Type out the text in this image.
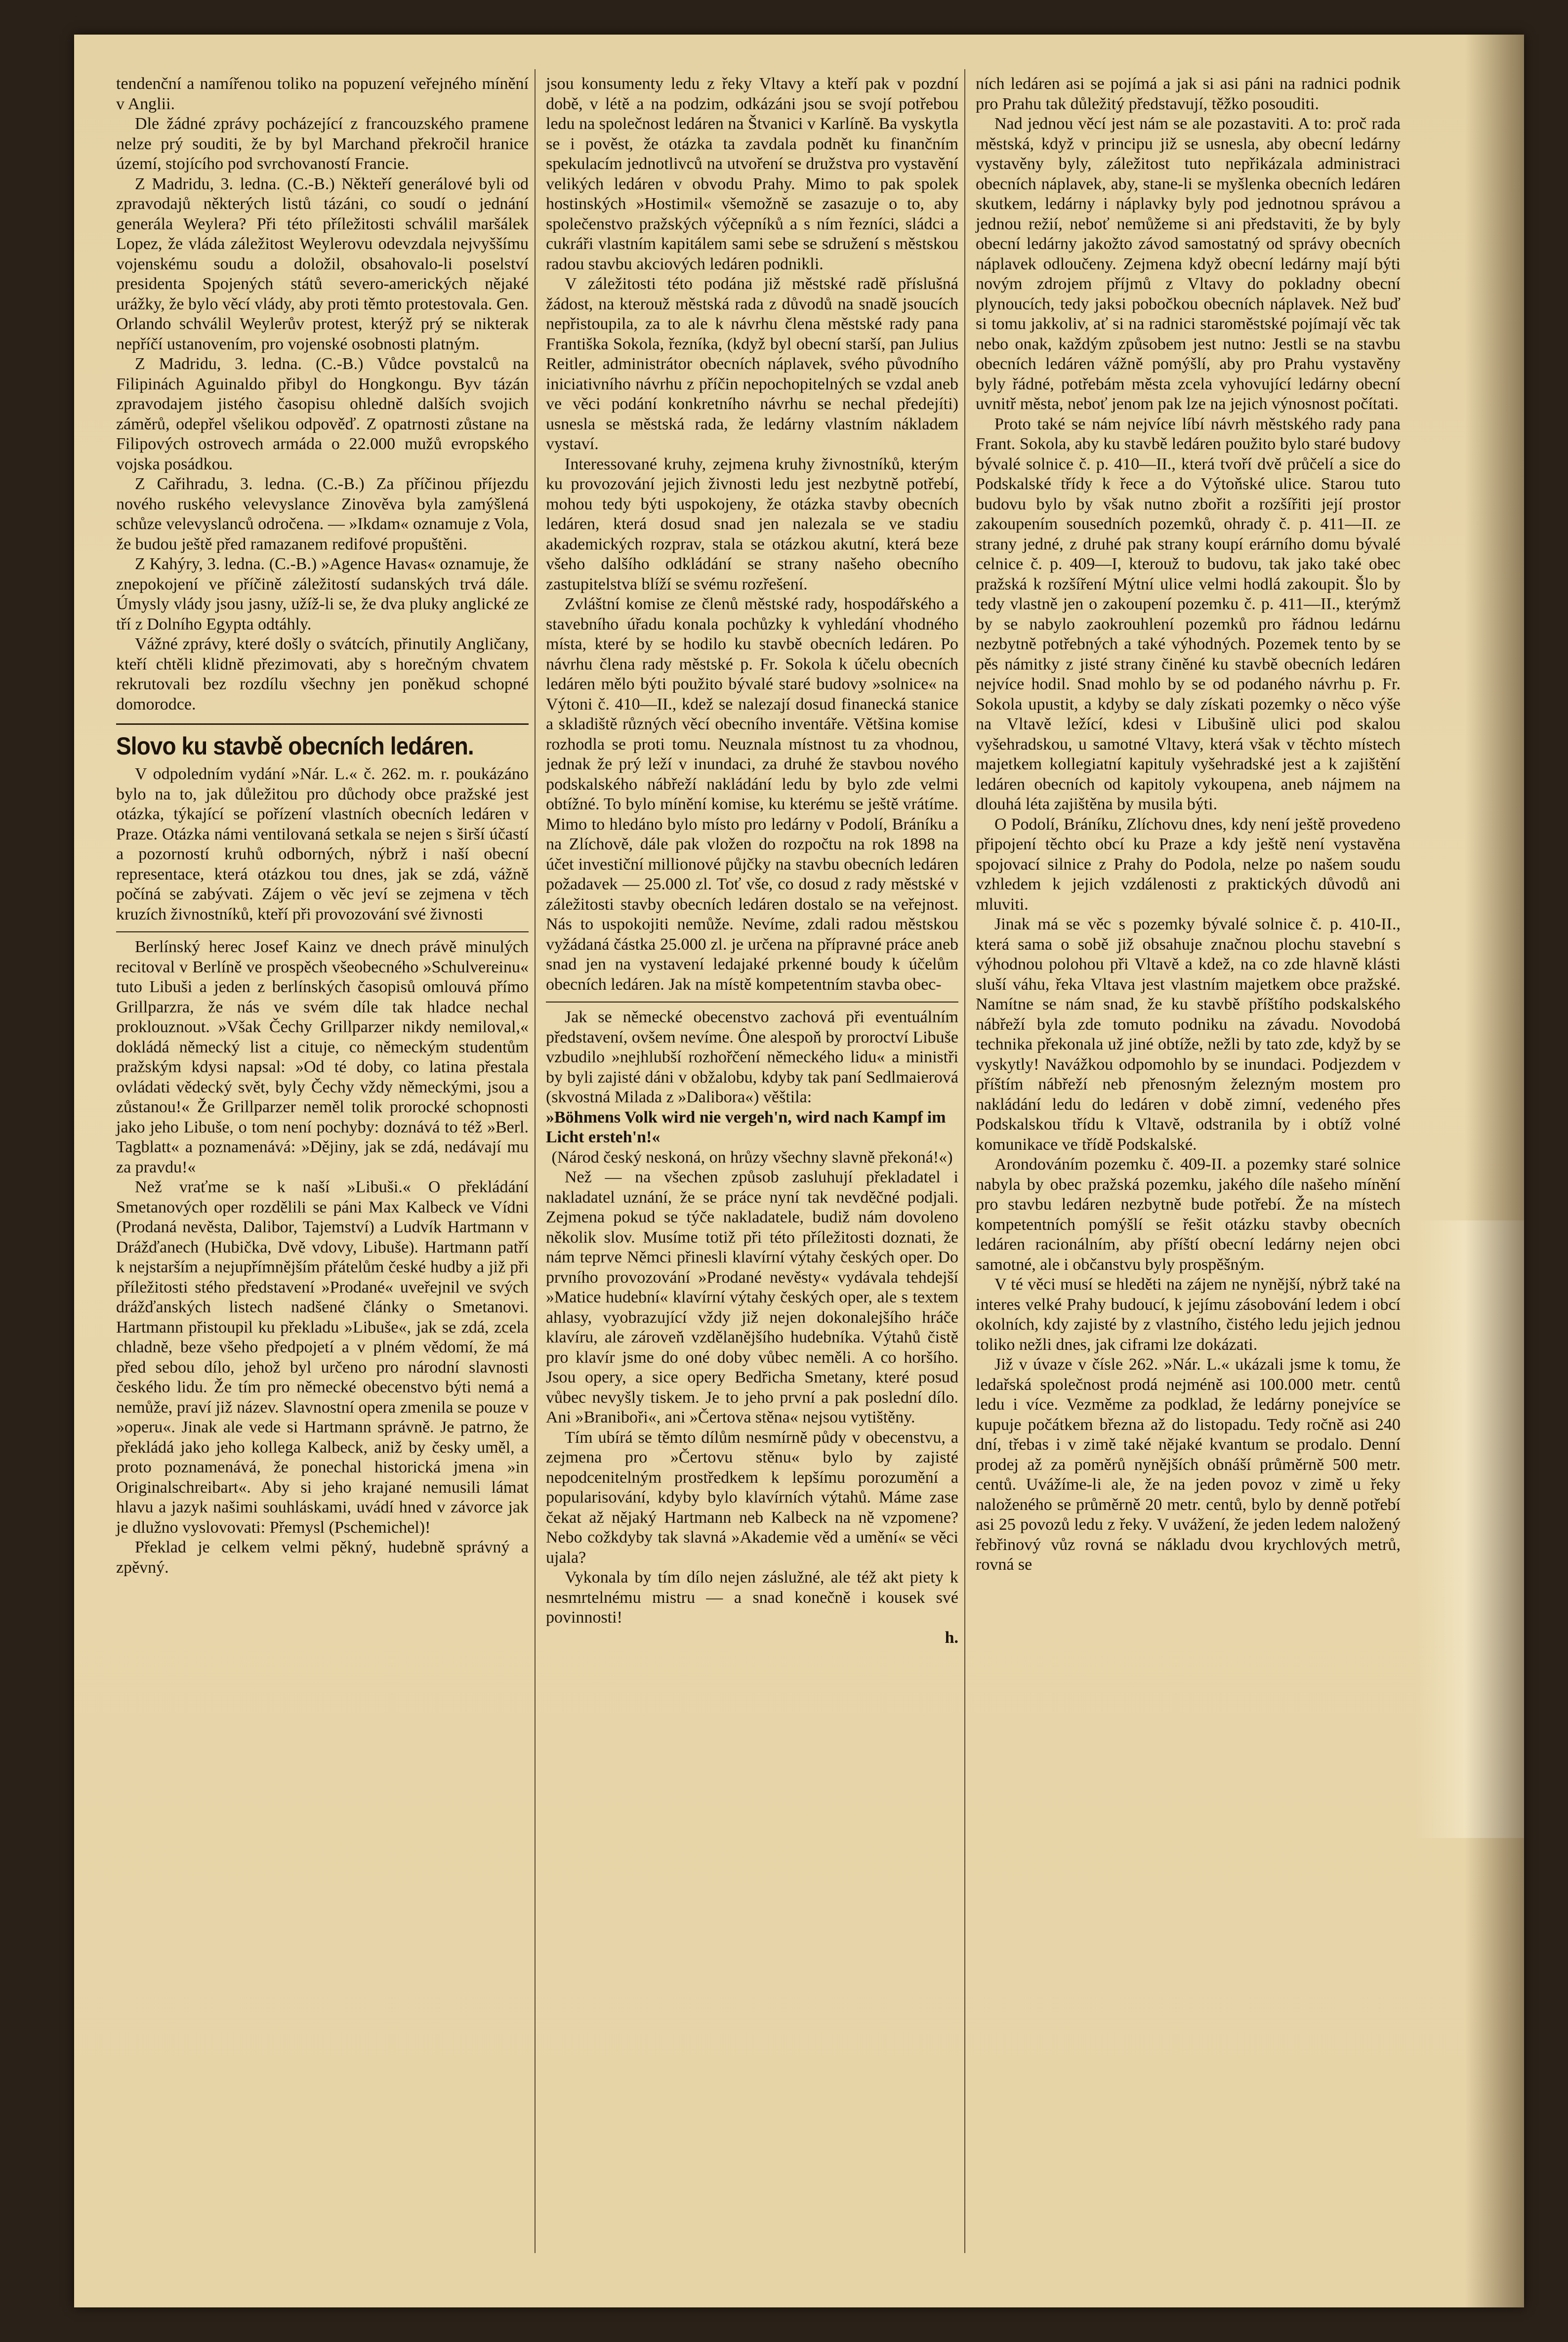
tendenční a namířenou toliko na popuzení veřejného mínění v Anglii.

Dle žádné zprávy pocházející z francouzského pramene nelze prý souditi, že by byl Marchand překročil hranice území, stojícího pod svrchovaností Francie.

Z Madridu, 3. ledna. (C.-B.) Někteří generálové byli od zpravodajů některých listů tázáni, co soudí o jednání generála Weylera? Při této příležitosti schválil maršálek Lopez, že vláda záležitost Weylerovu odevzdala nejvyššímu vojenskému soudu a doložil, obsahovalo-li poselství presidenta Spojených států severo-amerických nějaké urážky, že bylo věcí vlády, aby proti těmto protestovala. Gen. Orlando schválil Weylerův protest, kterýž prý se nikterak nepříčí ustanovením, pro vojenské osobnosti platným.

Z Madridu, 3. ledna. (C.-B.) Vůdce povstalců na Filipinách Aguinaldo přibyl do Hongkongu. Byv tázán zpravodajem jistého časopisu ohledně dalších svojich záměrů, odepřel všelikou odpověď. Z opatrnosti zůstane na Filipových ostrovech armáda o 22.000 mužů evropského vojska posádkou.

Z Cařihradu, 3. ledna. (C.-B.) Za příčinou příjezdu nového ruského velevyslance Zinověva byla zamýšlená schůze velevyslanců odročena. — »Ikdam« oznamuje z Vola, že budou ještě před ramazanem redifové propuštěni.

Z Kahýry, 3. ledna. (C.-B.) »Agence Havas« oznamuje, že znepokojení ve příčině záležitostí sudanských trvá dále. Úmysly vlády jsou jasny, užíž-li se, že dva pluky anglické ze tří z Dolního Egypta odtáhly.

Vážné zprávy, které došly o svátcích, přinutily Angličany, kteří chtěli klidně přezimovati, aby s horečným chvatem rekrutovali bez rozdílu všechny jen poněkud schopné domorodce.

Slovo ku stavbě obecních ledáren.

V odpoledním vydání »Nár. L.« č. 262. m. r. poukázáno bylo na to, jak důležitou pro důchody obce pražské jest otázka, týkající se pořízení vlastních obecních ledáren v Praze. Otázka námi ventilovaná setkala se nejen s širší účastí a pozorností kruhů odborných, nýbrž i naší obecní representace, která otázkou tou dnes, jak se zdá, vážně počíná se zabývati. Zájem o věc jeví se zejmena v těch kruzích živnostníků, kteří při provozování své živnosti

Berlínský herec Josef Kainz ve dnech právě minulých recitoval v Berlíně ve prospěch všeobecného »Schulvereinu« tuto Libuši a jeden z berlínských časopisů omlouvá přímo Grillparzra, že nás ve svém díle tak hladce nechal proklouznout. »Však Čechy Grillparzer nikdy nemiloval,« dokládá německý list a cituje, co německým studentům pražským kdysi napsal: »Od té doby, co latina přestala ovládati vědecký svět, byly Čechy vždy německými, jsou a zůstanou!« Že Grillparzer neměl tolik prorocké schopnosti jako jeho Libuše, o tom není pochyby: doznává to též »Berl. Tagblatt« a poznamenává: »Dějiny, jak se zdá, nedávají mu za pravdu!«

Než vraťme se k naší »Libuši.« O překládání Smetanových oper rozdělili se páni Max Kalbeck ve Vídni (Prodaná nevěsta, Dalibor, Tajemství) a Ludvík Hartmann v Drážďanech (Hubička, Dvě vdovy, Libuše). Hartmann patří k nejstarším a nejupřímnějším přátelům české hudby a již při příležitosti stého představení »Prodané« uveřejnil ve svých drážďanských listech nadšené články o Smetanovi. Hartmann přistoupil ku překladu »Libuše«, jak se zdá, zcela chladně, beze všeho předpojetí a v plném vědomí, že má před sebou dílo, jehož byl určeno pro národní slavnosti českého lidu. Že tím pro německé obecenstvo býti nemá a nemůže, praví již název. Slavnostní opera zmenila se pouze v »operu«. Jinak ale vede si Hartmann správně. Je patrno, že překládá jako jeho kollega Kalbeck, aniž by česky uměl, a proto poznamenává, že ponechal historická jmena »in Originalschreibart«. Aby si jeho krajané nemusili lámat hlavu a jazyk našimi souhláskami, uvádí hned v závorce jak je dlužno vyslovovati: Přemysl (Pschemichel)!

Překlad je celkem velmi pěkný, hudebně správný a zpěvný.

jsou konsumenty ledu z řeky Vltavy a kteří pak v pozdní době, v létě a na podzim, odkázáni jsou se svojí potřebou ledu na společnost ledáren na Štvanici v Karlíně. Ba vyskytla se i pověst, že otázka ta zavdala podnět ku finančním spekulacím jednotlivců na utvoření se družstva pro vystavění velikých ledáren v obvodu Prahy. Mimo to pak spolek hostinských »Hostimil« všemožně se zasazuje o to, aby společenstvo pražských výčepníků a s ním řezníci, sládci a cukráři vlastním kapitálem sami sebe se sdružení s městskou radou stavbu akciových ledáren podnikli.

V záležitosti této podána již městské radě příslušná žádost, na kterouž městská rada z důvodů na snadě jsoucích nepřistoupila, za to ale k návrhu člena městské rady pana Františka Sokola, řezníka, (když byl obecní starší, pan Julius Reitler, administrátor obecních náplavek, svého původního iniciativního návrhu z příčin nepochopitelných se vzdal aneb ve věci podání konkretního návrhu se nechal předejíti) usnesla se městská rada, že ledárny vlastním nákladem vystaví.

Interessované kruhy, zejmena kruhy živnostníků, kterým ku provozování jejich živnosti ledu jest nezbytně potřebí, mohou tedy býti uspokojeny, že otázka stavby obecních ledáren, která dosud snad jen nalezala se ve stadiu akademických rozprav, stala se otázkou akutní, která beze všeho dalšího odkládání se strany našeho obecního zastupitelstva blíží se svému rozřešení.

Zvláštní komise ze členů městské rady, hospodářského a stavebního úřadu konala pochůzky k vyhledání vhodného místa, které by se hodilo ku stavbě obecních ledáren. Po návrhu člena rady městské p. Fr. Sokola k účelu obecních ledáren mělo býti použito bývalé staré budovy »solnice« na Výtoni č. 410—II., kdež se nalezají dosud finanecká stanice a skladiště různých věcí obecního inventáře. Většina komise rozhodla se proti tomu. Neuznala místnost tu za vhodnou, jednak že prý leží v inundaci, za druhé že stavbou nového podskalského nábřeží nakládání ledu by bylo zde velmi obtížné. To bylo mínění komise, ku kterému se ještě vrátíme. Mimo to hledáno bylo místo pro ledárny v Podolí, Bráníku a na Zlíchově, dále pak vložen do rozpočtu na rok 1898 na účet investiční millionové půjčky na stavbu obecních ledáren požadavek — 25.000 zl. Toť vše, co dosud z rady městské v záležitosti stavby obecních ledáren dostalo se na veřejnost. Nás to uspokojiti nemůže. Nevíme, zdali radou městskou vyžádaná částka 25.000 zl. je určena na přípravné práce aneb snad jen na vystavení ledajaké prkenné boudy k účelům obecních ledáren. Jak na místě kompetentním stavba obec-

Jak se německé obecenstvo zachová při eventuálním představení, ovšem nevíme. Ône alespoň by proroctví Libuše vzbudilo »nejhlubší rozhořčení německého lidu« a ministři by byli zajisté dáni v obžalobu, kdyby tak paní Sedlmaierová (skvostná Milada z »Dalibora«) věštila:

»Böhmens Volk wird nie vergeh'n, wird nach Kampf im Licht ersteh'n!«

(Národ český neskoná, on hrůzy všechny slavně překoná!«)

Než — na všechen způsob zasluhují překladatel i nakladatel uznání, že se práce nyní tak nevděčné podjali. Zejmena pokud se týče nakladatele, budiž nám dovoleno několik slov. Musíme totiž při této příležitosti doznati, že nám teprve Němci přinesli klavírní výtahy českých oper. Do prvního provozování »Prodané nevěsty« vydávala tehdejší »Matice hudební« klavírní výtahy českých oper, ale s textem ahlasy, vyobrazující vždy již nejen dokonalejšího hráče klavíru, ale zároveň vzdělanějšího hudebníka. Výtahů čistě pro klavír jsme do oné doby vůbec neměli. A co horšího. Jsou opery, a sice opery Bedřicha Smetany, které posud vůbec nevyšly tiskem. Je to jeho první a pak poslední dílo. Ani »Braniboři«, ani »Čertova stěna« nejsou vytištěny.

Tím ubírá se těmto dílům nesmírně půdy v obecenstvu, a zejmena pro »Čertovu stěnu« bylo by zajisté nepodcenitelným prostředkem k lepšímu porozumění a popularisování, kdyby bylo klavírních výtahů. Máme zase čekat až nějaký Hartmann neb Kalbeck na ně vzpomene? Nebo cožkdyby tak slavná »Akademie věd a umění« se věci ujala?

Vykonala by tím dílo nejen záslužné, ale též akt piety k nesmrtelnému mistru — a snad konečně i kousek své povinnosti!

h.

ních ledáren asi se pojímá a jak si asi páni na radnici podnik pro Prahu tak důležitý představují, těžko posouditi.

Nad jednou věcí jest nám se ale pozastaviti. A to: proč rada městská, když v principu již se usnesla, aby obecní ledárny vystavěny byly, záležitost tuto nepřikázala administraci obecních náplavek, aby, stane-li se myšlenka obecních ledáren skutkem, ledárny i náplavky byly pod jednotnou správou a jednou režií, neboť nemůžeme si ani představiti, že by byly obecní ledárny jakožto závod samostatný od správy obecních náplavek odloučeny. Zejmena když obecní ledárny mají býti novým zdrojem příjmů z Vltavy do pokladny obecní plynoucích, tedy jaksi pobočkou obecních náplavek. Než buď si tomu jakkoliv, ať si na radnici staroměstské pojímají věc tak nebo onak, každým způsobem jest nutno: Jestli se na stavbu obecních ledáren vážně pomýšlí, aby pro Prahu vystavěny byly řádné, potřebám města zcela vyhovující ledárny obecní uvnitř města, neboť jenom pak lze na jejich výnosnost počítati.

Proto také se nám nejvíce líbí návrh městského rady pana Frant. Sokola, aby ku stavbě ledáren použito bylo staré budovy bývalé solnice č. p. 410—II., která tvoří dvě průčelí a sice do Podskalské třídy k řece a do Výtoňské ulice. Starou tuto budovu bylo by však nutno zbořit a rozšířiti její prostor zakoupením sousedních pozemků, ohrady č. p. 411—II. ze strany jedné, z druhé pak strany koupí erárního domu bývalé celnice č. p. 409—I, kterouž to budovu, tak jako také obec pražská k rozšíření Mýtní ulice velmi hodlá zakoupit. Šlo by tedy vlastně jen o zakoupení pozemku č. p. 411—II., kterýmž by se nabylo zaokrouhlení pozemků pro řádnou ledárnu nezbytně potřebných a také výhodných. Pozemek tento by se pěs námitky z jisté strany činěné ku stavbě obecních ledáren nejvíce hodil. Snad mohlo by se od podaného návrhu p. Fr. Sokola upustit, a kdyby se daly získati pozemky o něco výše na Vltavě ležící, kdesi v Libušině ulici pod skalou vyšehradskou, u samotné Vltavy, která však v těchto místech majetkem kollegiatní kapituly vyšehradské jest a k zajištění ledáren obecních od kapitoly vykoupena, aneb nájmem na dlouhá léta zajištěna by musila býti.

O Podolí, Bráníku, Zlíchovu dnes, kdy není ještě provedeno připojení těchto obcí ku Praze a kdy ještě není vystavěna spojovací silnice z Prahy do Podola, nelze po našem soudu vzhledem k jejich vzdálenosti z praktických důvodů ani mluviti.

Jinak má se věc s pozemky bývalé solnice č. p. 410-II., která sama o sobě již obsahuje značnou plochu stavební s výhodnou polohou při Vltavě a kdež, na co zde hlavně klásti sluší váhu, řeka Vltava jest vlastním majetkem obce pražské. Namítne se nám snad, že ku stavbě příštího podskalského nábřeží byla zde tomuto podniku na závadu. Novodobá technika překonala už jiné obtíže, nežli by tato zde, když by se vyskytly! Navážkou odpomohlo by se inundaci. Podjezdem v příštím nábřeží neb přenosným železným mostem pro nakládání ledu do ledáren v době zimní, vedeného přes Podskalskou třídu k Vltavě, odstranila by i obtíž volné komunikace ve třídě Podskalské.

Arondováním pozemku č. 409-II. a pozemky staré solnice nabyla by obec pražská pozemku, jakého díle našeho mínění pro stavbu ledáren nezbytně bude potřebí. Že na místech kompetentních pomýšlí se řešit otázku stavby obecních ledáren racionálním, aby příští obecní ledárny nejen obci samotné, ale i občanstvu byly prospěšným.

V té věci musí se hleděti na zájem ne nynější, nýbrž také na interes velké Prahy budoucí, k jejímu zásobování ledem i obcí okolních, kdy zajisté by z vlastního, čistého ledu jejich jednou toliko nežli dnes, jak ciframi lze dokázati.

Již v úvaze v čísle 262. »Nár. L.« ukázali jsme k tomu, že ledařská společnost prodá nejméně asi 100.000 metr. centů ledu i více. Vezměme za podklad, že ledárny ponejvíce se kupuje počátkem března až do listopadu. Tedy ročně asi 240 dní, třebas i v zimě také nějaké kvantum se prodalo. Denní prodej až za poměrů nynějších obnáší průměrně 500 metr. centů. Uvážíme-li ale, že na jeden povoz v zimě u řeky naloženého se průměrně 20 metr. centů, bylo by denně potřebí asi 25 povozů ledu z řeky. V uvážení, že jeden ledem naložený řebřinový vůz rovná se nákladu dvou krychlových metrů, rovná se
